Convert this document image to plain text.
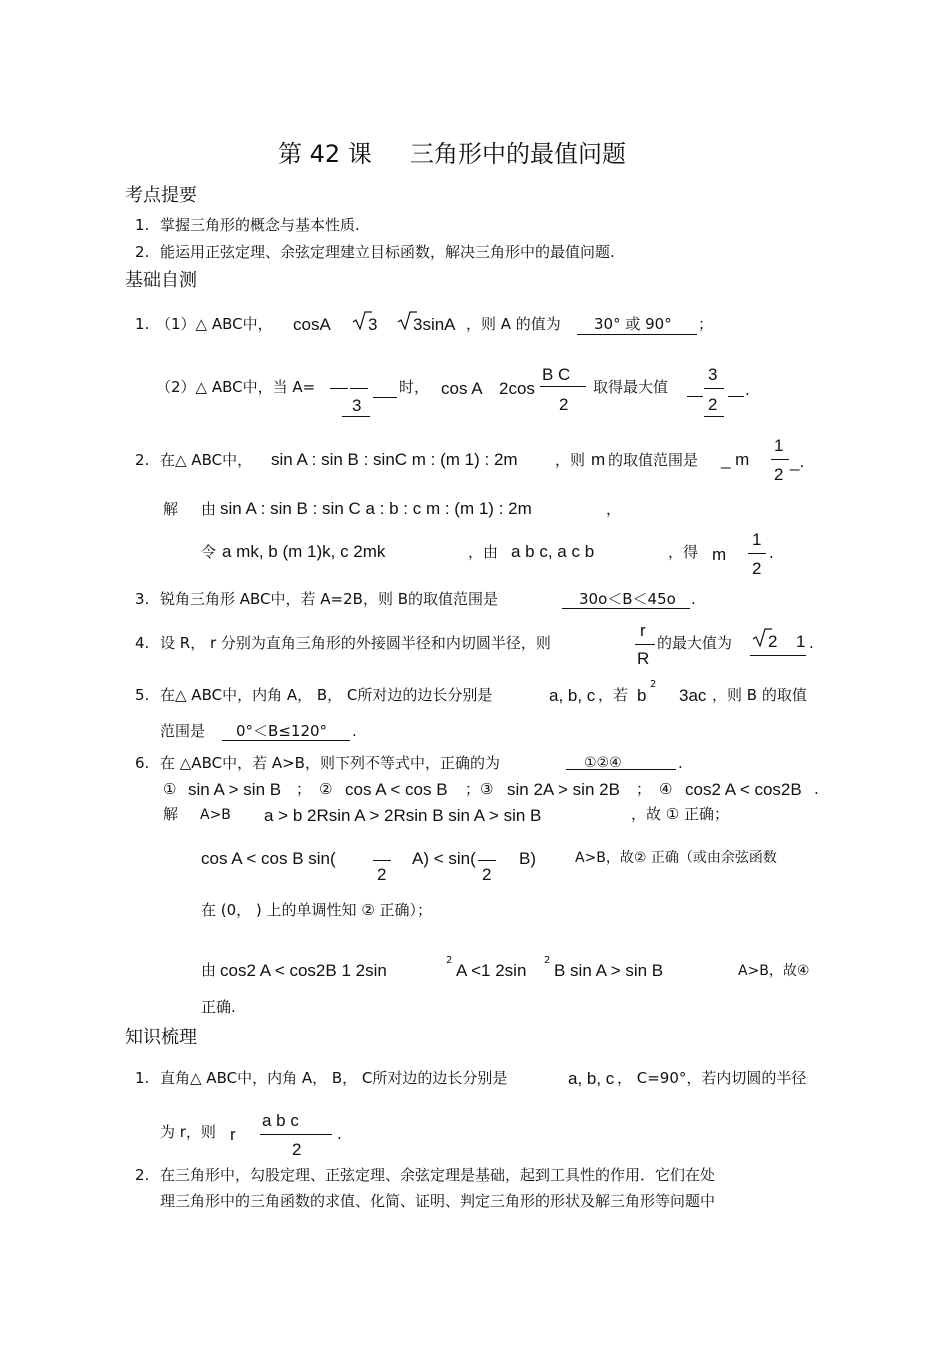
第 42 课 三角形中的最值问题
考点提要
1. 掌握三角形的概念与基本性质.
2. 能运用正弦定理、余弦定理建立目标函数，解决三角形中的最值问题.
基础自测
1. （1）△ ABC中， cosA 3 3sinA ，则 A 的值为 30° 或 90° ；
（2）△ ABC中，当 A=
3
时， cos A 2cos
B C
2
取得最大值
3
2
.
2. 在△ ABC中， sin A : sin B : sinC m : (m 1) : 2m ，则 m 的取值范围是 _ m
1
2
_.
解 由 sin A : sin B : sin C a : b : c m : (m 1) : 2m	，
令 a mk, b (m 1)k, c 2mk	，由 a b c, a c b	，得 m
1
2
.
3. 锐角三角形 ABC中，若 A=2B，则 B的取值范围是	30o＜B＜45o .
4. 设 R， r 分别为直角三角形的外接圆半径和内切圆半径，则
r
R
的最大值为 2 1 .
5. 在△ ABC中，内角 A， B， C所对边的边长分别是	a, b, c ，若 b
2
3ac ，则 B 的取值
范围是 0°＜B≤120° .
6. 在 △ABC中，若 A>B，则下列不等式中，正确的为	①②④	.
① sin A > sin B ； ② cos A < cos B ； ③ sin 2A > sin 2B ； ④ cos2 A < cos2B .
解 A>B a > b 2Rsin A > 2Rsin B sin A > sin B	，故 ① 正确；
cos A < cos B sin(
2
A) < sin(
2
B)	A>B，故② 正确（或由余弦函数
在 (0， ) 上的单调性知 ② 正确）；
由 cos2 A < cos2B 1 2sin
2
A <1 2sin
2
B sin A > sin B	A>B，故④
正确.
知识梳理
1. 直角△ ABC中，内角 A， B， C所对边的边长分别是	a, b, c ， C=90°，若内切圆的半径
为 r，则 r
a b c
2
.
2. 在三角形中，勾股定理、正弦定理、余弦定理是基础，起到工具性的作用．它们在处
理三角形中的三角函数的求值、化简、证明、判定三角形的形状及解三角形等问题中
